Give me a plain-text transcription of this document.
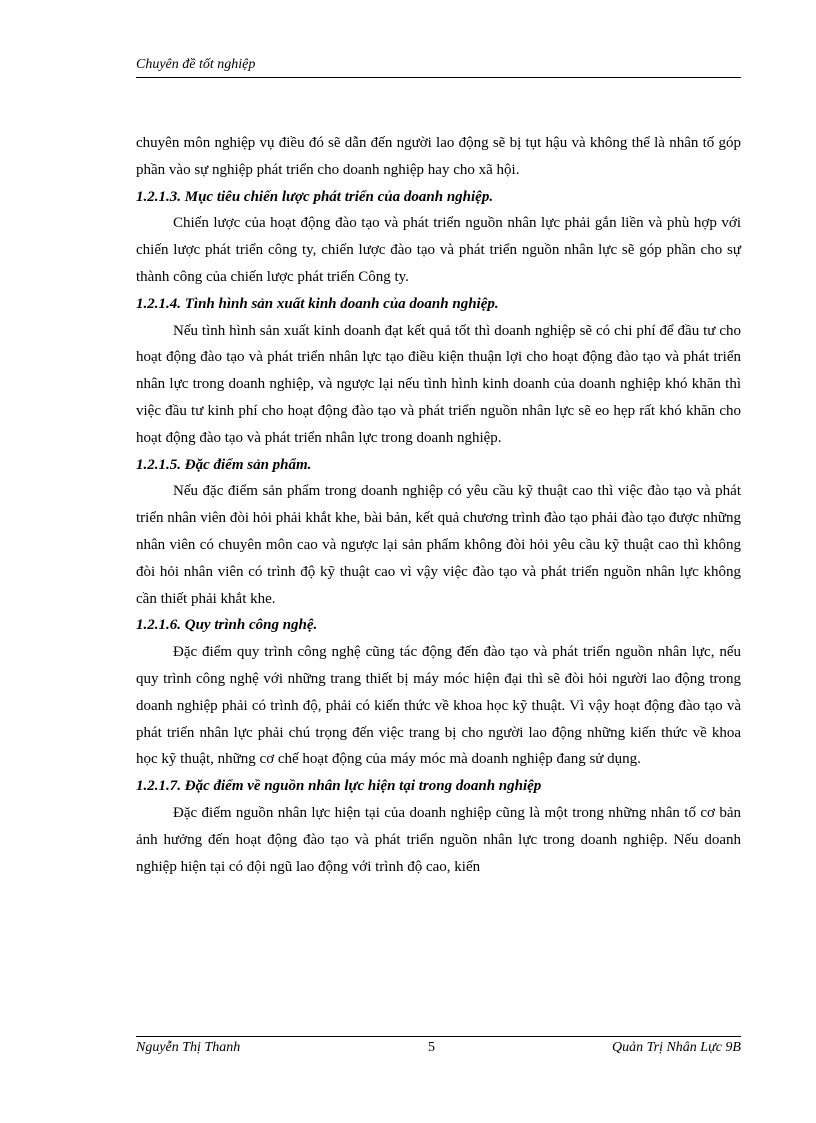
Chuyên đề tốt nghiệp

chuyên môn nghiệp vụ điều đó sẽ dẫn đến người lao động sẽ bị tụt hậu và không thể là nhân tố góp phần vào sự nghiệp phát triển cho doanh nghiệp hay cho xã hội.

1.2.1.3. Mục tiêu chiến lược phát triển của doanh nghiệp.

Chiến lược của hoạt động đào tạo và phát triển nguồn nhân lực phải gắn liền và phù hợp với chiến lược phát triển công ty, chiến lược đào tạo và phát triển nguồn nhân lực sẽ góp phần cho sự thành công của chiến lược phát triển Công ty.

1.2.1.4. Tình hình sản xuất kinh doanh của doanh nghiệp.

Nếu tình hình sản xuất kinh doanh đạt kết quả tốt thì doanh nghiệp sẽ có chi phí để đầu tư cho hoạt động đào tạo và phát triển nhân lực tạo điều kiện thuận lợi cho hoạt động đào tạo và phát triển nhân lực trong doanh nghiệp, và ngược lại nếu tình hình kinh doanh của doanh nghiệp khó khăn thì việc đầu tư kinh phí cho hoạt động đào tạo và phát triển nguồn nhân lực sẽ eo hẹp rất khó khăn cho hoạt động đào tạo và phát triển nhân lực trong doanh nghiệp.

1.2.1.5. Đặc điểm sản phẩm.

Nếu đặc điểm sản phẩm trong doanh nghiệp có yêu cầu kỹ thuật cao thì việc đào tạo và phát triển nhân viên đòi hỏi phải khắt khe, bài bản, kết quả chương trình đào tạo phải đào tạo được những nhân viên có chuyên môn cao và ngược lại sản phẩm không đòi hỏi yêu cầu kỹ thuật cao thì không đòi hỏi nhân viên có trình độ kỹ thuật cao vì vậy việc đào tạo và phát triển nguồn nhân lực không cần thiết phải khắt khe.

1.2.1.6. Quy trình công nghệ.

Đặc điểm quy trình công nghệ cũng tác động đến đào tạo và phát triển nguồn nhân lực, nếu quy trình công nghệ với những trang thiết bị máy móc hiện đại thì sẽ đòi hỏi người lao động trong doanh nghiệp phải có trình độ, phải có kiến thức về khoa học kỹ thuật. Vì vậy hoạt động đào tạo và phát triển nhân lực phải chú trọng đến việc trang bị cho người lao động những kiến thức về khoa học kỹ thuật, những cơ chế hoạt động của máy móc mà doanh nghiệp đang sử dụng.

1.2.1.7. Đặc điểm về nguồn nhân lực hiện tại trong doanh nghiệp

Đặc điểm nguồn nhân lực hiện tại của doanh nghiệp cũng là một trong những nhân tố cơ bản ảnh hưởng đến hoạt động đào tạo và phát triển nguồn nhân lực trong doanh nghiệp. Nếu doanh nghiệp hiện tại có đội ngũ lao động với trình độ cao, kiến

Nguyễn Thị Thanh	5	Quản Trị Nhân Lực 9B
